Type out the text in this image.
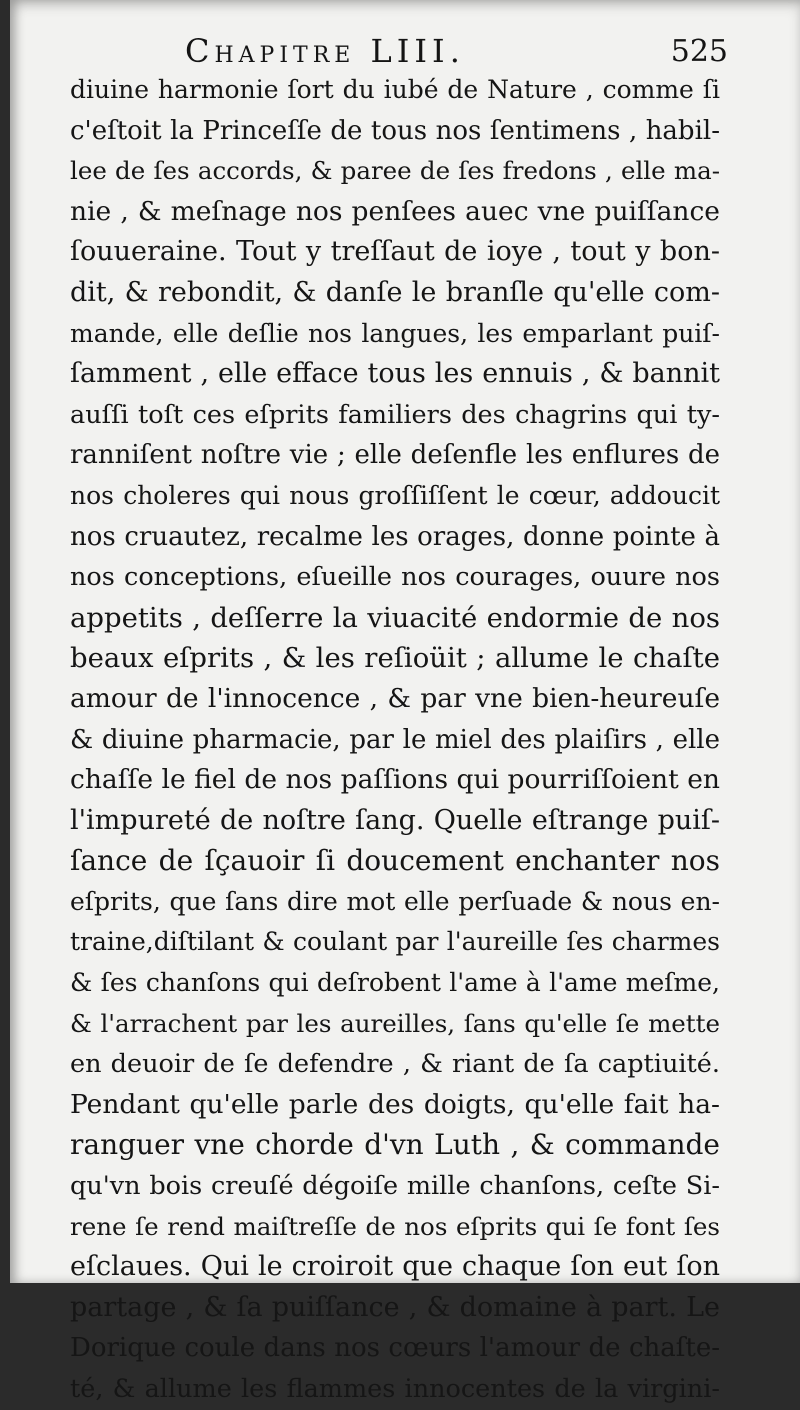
Chapitre LIII.	525
diuine harmonie ſort du iubé de Nature , comme ſi
c'eſtoit la Princeſſe de tous nos ſentimens , habil-
lee de ſes accords, & paree de ſes fredons , elle ma-
nie , & meſnage nos penſees auec vne puiſſance
ſouueraine. Tout y treſſaut de ioye , tout y bon-
dit, & rebondit, & danſe le branſle qu'elle com-
mande, elle deſlie nos langues, les emparlant puiſ-
ſamment , elle efface tous les ennuis , & bannit
auſſi toſt ces eſprits familiers des chagrins qui ty-
ranniſent noſtre vie ; elle deſenfle les enflures de
nos choleres qui nous groſſiſſent le cœur, addoucit
nos cruautez, recalme les orages, donne pointe à
nos conceptions, eſueille nos courages, ouure nos
appetits , deſſerre la viuacité endormie de nos
beaux eſprits , & les reſioüit ; allume le chaſte
amour de l'innocence , & par vne bien-heureuſe
& diuine pharmacie, par le miel des plaiſirs , elle
chaſſe le fiel de nos paſſions qui pourriſſoient en
l'impureté de noſtre ſang. Quelle eſtrange puiſ-
ſance de ſçauoir ſi doucement enchanter nos
eſprits, que ſans dire mot elle perſuade & nous en-
traine,diſtilant & coulant par l'aureille ſes charmes
& ſes chanſons qui deſrobent l'ame à l'ame meſme,
& l'arrachent par les aureilles, ſans qu'elle ſe mette
en deuoir de ſe defendre , & riant de ſa captiuité.
Pendant qu'elle parle des doigts, qu'elle fait ha-
ranguer vne chorde d'vn Luth , & commande
qu'vn bois creuſé dégoiſe mille chanſons, ceſte Si-
rene ſe rend maiſtreſſe de nos eſprits qui ſe font ſes
eſclaues. Qui le croiroit que chaque ſon eut ſon
partage , & ſa puiſſance , & domaine à part. Le
Dorique coule dans nos cœurs l'amour de chaſte-
té, & allume les flammes innocentes de la virgini-
